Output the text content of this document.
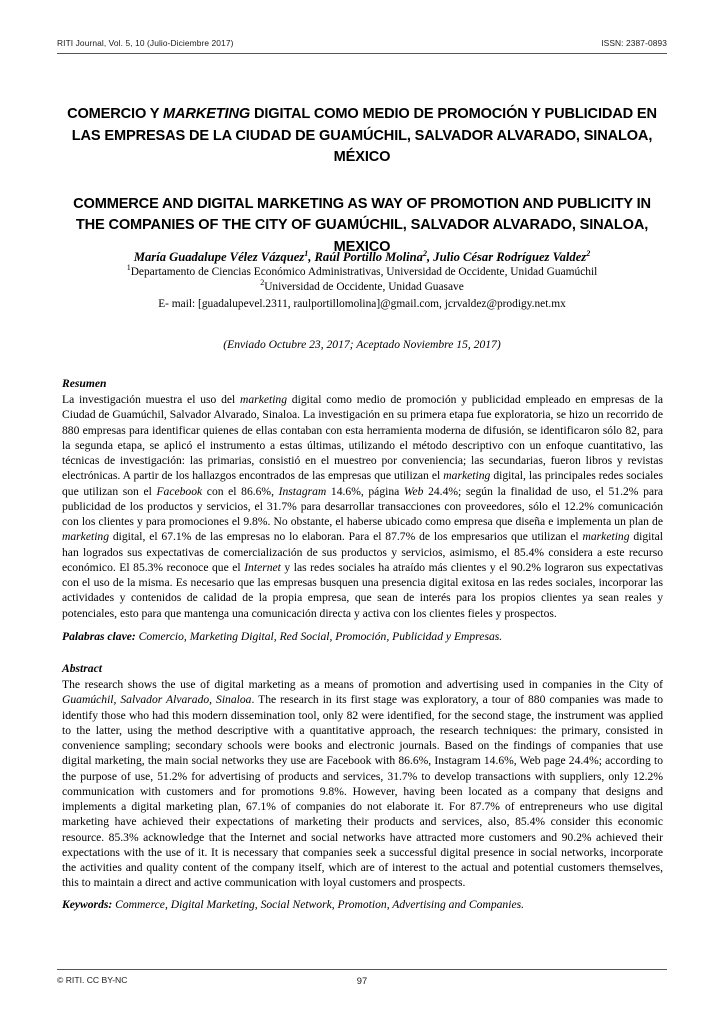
RITI Journal, Vol. 5, 10 (Julio-Diciembre 2017)	ISSN: 2387-0893
COMERCIO Y MARKETING DIGITAL COMO MEDIO DE PROMOCIÓN Y PUBLICIDAD EN LAS EMPRESAS DE LA CIUDAD DE GUAMÚCHIL, SALVADOR ALVARADO, SINALOA, MÉXICO
COMMERCE AND DIGITAL MARKETING AS WAY OF PROMOTION AND PUBLICITY IN THE COMPANIES OF THE CITY OF GUAMÚCHIL, SALVADOR ALVARADO, SINALOA, MEXICO
María Guadalupe Vélez Vázquez$^1$, Raúl Portillo Molina$^2$, Julio César Rodríguez Valdez$^2$
$^1$Departamento de Ciencias Económico Administrativas, Universidad de Occidente, Unidad Guamúchil
$^2$Universidad de Occidente, Unidad Guasave
E- mail: [guadalupevel.2311, raulportillomolina]@gmail.com, jcrvaldez@prodigy.net.mx
(Enviado Octubre 23, 2017; Aceptado Noviembre 15, 2017)
Resumen

La investigación muestra el uso del marketing digital como medio de promoción y publicidad empleado en empresas de la Ciudad de Guamúchil, Salvador Alvarado, Sinaloa. La investigación en su primera etapa fue exploratoria, se hizo un recorrido de 880 empresas para identificar quienes de ellas contaban con esta herramienta moderna de difusión, se identificaron sólo 82, para la segunda etapa, se aplicó el instrumento a estas últimas, utilizando el método descriptivo con un enfoque cuantitativo, las técnicas de investigación: las primarias, consistió en el muestreo por conveniencia; las secundarias, fueron libros y revistas electrónicas. A partir de los hallazgos encontrados de las empresas que utilizan el marketing digital, las principales redes sociales que utilizan son el Facebook con el 86.6%, Instagram 14.6%, página Web 24.4%; según la finalidad de uso, el 51.2% para publicidad de los productos y servicios, el 31.7% para desarrollar transacciones con proveedores, sólo el 12.2% comunicación con los clientes y para promociones el 9.8%. No obstante, el haberse ubicado como empresa que diseña e implementa un plan de marketing digital, el 67.1% de las empresas no lo elaboran. Para el 87.7% de los empresarios que utilizan el marketing digital han logrados sus expectativas de comercialización de sus productos y servicios, asimismo, el 85.4% considera a este recurso económico. El 85.3% reconoce que el Internet y las redes sociales ha atraído más clientes y el 90.2% lograron sus expectativas con el uso de la misma. Es necesario que las empresas busquen una presencia digital exitosa en las redes sociales, incorporar las actividades y contenidos de calidad de la propia empresa, que sean de interés para los propios clientes ya sean reales y potenciales, esto para que mantenga una comunicación directa y activa con los clientes fieles y prospectos.

Palabras clave: Comercio, Marketing Digital, Red Social, Promoción, Publicidad y Empresas.

Abstract

The research shows the use of digital marketing as a means of promotion and advertising used in companies in the City of Guamúchil, Salvador Alvarado, Sinaloa. The research in its first stage was exploratory, a tour of 880 companies was made to identify those who had this modern dissemination tool, only 82 were identified, for the second stage, the instrument was applied to the latter, using the method descriptive with a quantitative approach, the research techniques: the primary, consisted in convenience sampling; secondary schools were books and electronic journals. Based on the findings of companies that use digital marketing, the main social networks they use are Facebook with 86.6%, Instagram 14.6%, Web page 24.4%; according to the purpose of use, 51.2% for advertising of products and services, 31.7% to develop transactions with suppliers, only 12.2% communication with customers and for promotions 9.8%. However, having been located as a company that designs and implements a digital marketing plan, 67.1% of companies do not elaborate it. For 87.7% of entrepreneurs who use digital marketing have achieved their expectations of marketing their products and services, also, 85.4% consider this economic resource. 85.3% acknowledge that the Internet and social networks have attracted more customers and 90.2% achieved their expectations with the use of it. It is necessary that companies seek a successful digital presence in social networks, incorporate the activities and quality content of the company itself, which are of interest to the actual and potential customers themselves, this to maintain a direct and active communication with loyal customers and prospects.

Keywords: Commerce, Digital Marketing, Social Network, Promotion, Advertising and Companies.

© RITI. CC BY-NC	97
